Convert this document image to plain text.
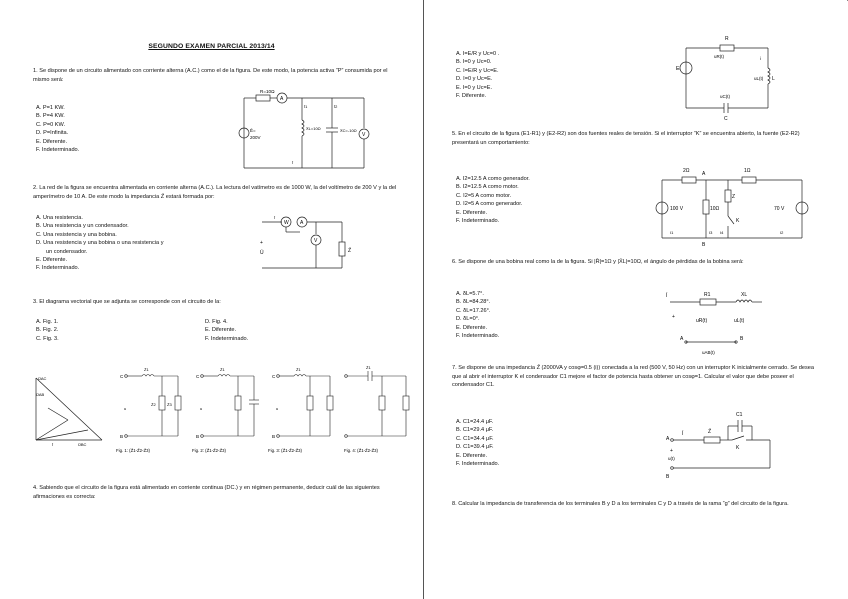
SEGUNDO EXAMEN PARCIAL 2013/14
1. Se dispone de un circuito alimentado con corriente alterna (A.C.) como el de la figura. De este modo, la potencia activa “P” consumida por el mismo será:
A. P=1 KW.
B. P=4 KW.
C. P=0 KW.
D. P=Infinita.
E. Diferente.
F. Indeterminado.
R=10Ω
A
V
Ī1	Ī2
X̄L=10Ω	X̄C=-10Ω
Ē=
200V
Ī
2. La red de la figura se encuentra alimentada en corriente alterna (A.C.). La lectura del vatímetro es de 1000 W, la del voltímetro de 200 V y la del amperímetro de 10 A. De este modo la impedancia Z̄ estará formada por:
A. Una resistencia.
B. Una resistencia y un condensador.
C. Una resistencia y una bobina.
D. Una resistencia y una bobina o una resistencia y
un condensador.
E. Diferente.
F. Indeterminado.
W A
V
Z̄
+
Ū
Ī
3. El diagrama vectorial que se adjunta se corresponde con el circuito de la:
A. Fig. 1.
B. Fig. 2.
C. Fig. 3.
D. Fig. 4.
E. Diferente.
F. Indeterminado.
ŪAC
ŪAB
ŪBC
Ī
C
B
Z̄1
Z̄2	Z̄3
u
Fig. 1: (Z̄1-Z̄2-Z̄3)
C
B
Z̄1
u
Fig. 2: (Z̄1-Z̄2-Z̄3)
C
B
Z̄1
u
Fig. 3: (Z̄1-Z̄2-Z̄3)
Z̄1
Fig. 4: (Z̄1-Z̄2-Z̄3)
4. Sabiendo que el circuito de la figura está alimentado en corriente continua (DC.) y en régimen permanente, deducir cuál de las siguientes afirmaciones es correcta:
A. I=E/R y Uc=0 .
B. I=0 y Uc=0.
C. I=E/R y Uc=E.
D. I=0 y Uc=E.
E. I=0 y Uc=E.
F. Diferente.
R
E
uR(t)	i
uL(t) L
uC(t)
C
5. En el circuito de la figura (E1-R1) y (E2-R2) son dos fuentes reales de tensión. Si el interruptor “K” se encuentra abierto, la fuente (E2-R2) presentará un comportamiento:
A. I2=12.5 A como generador.
B. I2=12.5 A como motor.
C. I2=5 A como motor.
D. I2=5 A como generador.
E. Diferente.
F. Indeterminado.
2Ω	1Ω
10Ω
Z
K
100 V	70 V
A
B
I1	I2
I3 I4
6. Se dispone de una bobina real como la de la figura. Si |R̄|=1Ω y |X̄L|=10Ω, el ángulo de pérdidas de la bobina será:
A. δL=5.7°.
B. δL=84.28°.
C. δL=17.26°.
D. δL=0°.
E. Diferente.
F. Indeterminado.
Ī	R1	XL
uR(t)	uL(t)
+
uAB(t)
A	B
7. Se dispone de una impedancia Z̄ (2000VA y cosφ=0.5 (i)) conectada a la red (500 V, 50 Hz) con un interruptor K inicialmente cerrado. Se desea que al abrir el interruptor K el condensador C1 mejore el factor de potencia hasta obtener un cosφ=1. Calcular el valor que debe poseer el condensador C1.
A. C1=24.4 μF.
B. C1=29.4 μF.
C. C1=34.4 μF.
D. C1=39.4 μF.
E. Diferente.
F. Indeterminado.
A
B
Ī	Z̄
C1
K
+
u(t)
8. Calcular la impedancia de transferencia de los terminales B y D a los terminales C y D a través de la rama “g” del circuito de la figura.
